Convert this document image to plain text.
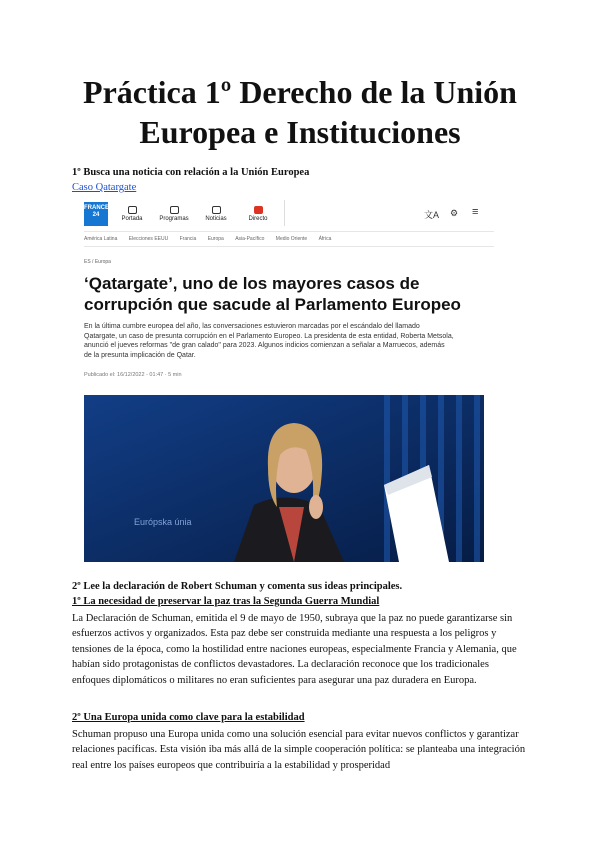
Práctica 1º Derecho de la Unión Europea e Instituciones

1º Busca una noticia con relación a la Unión Europea

Caso Qatargate
FRANCE 24
Portada	Programas	Noticias	Directo	文A ⚙ ≡
América Latina Elecciones EEUU Francia Europa Asia-Pacífico Medio Oriente África
ES / Europa
‘Qatargate’, uno de los mayores casos de corrupción que sacude al Parlamento Europeo

En la última cumbre europea del año, las conversaciones estuvieron marcadas por el escándalo del llamado Qatargate, un caso de presunta corrupción en el Parlamento Europeo. La presidenta de esta entidad, Roberta Metsola, anunció el jueves reformas "de gran calado" para 2023. Algunos indicios comienzan a señalar a Marruecos, además de la presunta implicación de Qatar.

Publicado el: 16/12/2022 - 01:47 · 5 min
Európska únia

2º Lee la declaración de Robert Schuman y comenta sus ideas principales.

1º La necesidad de preservar la paz tras la Segunda Guerra Mundial

La Declaración de Schuman, emitida el 9 de mayo de 1950, subraya que la paz no puede garantizarse sin esfuerzos activos y organizados. Esta paz debe ser construida mediante una respuesta a los peligros y tensiones de la época, como la hostilidad entre naciones europeas, especialmente Francia y Alemania, que habían sido protagonistas de conflictos devastadores. La declaración reconoce que los tradicionales enfoques diplomáticos o militares no eran suficientes para asegurar una paz duradera en Europa.

2º Una Europa unida como clave para la estabilidad

Schuman propuso una Europa unida como una solución esencial para evitar nuevos conflictos y garantizar relaciones pacíficas. Esta visión iba más allá de la simple cooperación política: se planteaba una integración real entre los países europeos que contribuiría a la estabilidad y prosperidad
